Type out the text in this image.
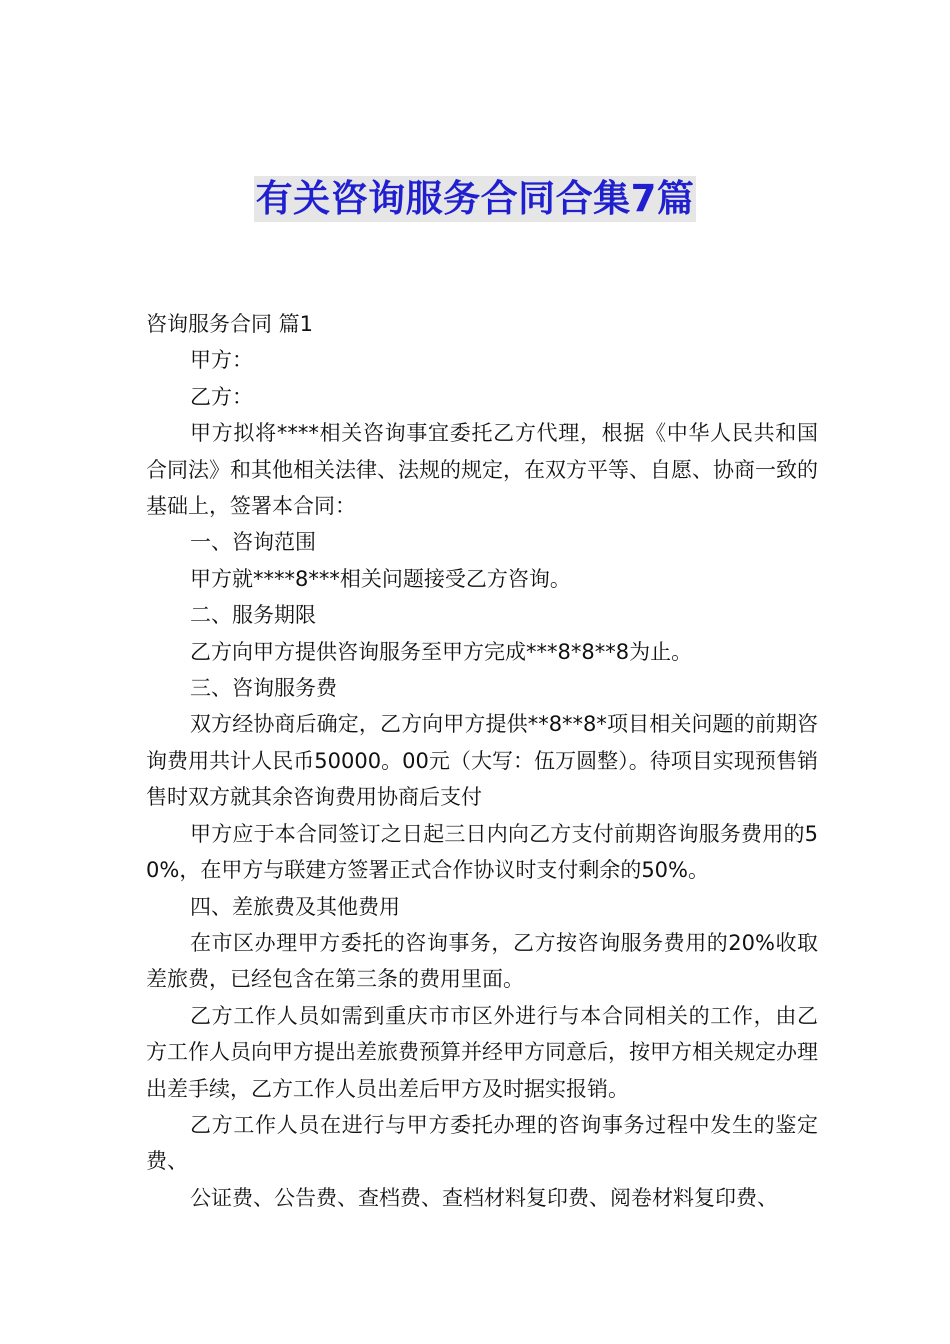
有关咨询服务合同合集7篇

咨询服务合同 篇1

甲方：

乙方：

甲方拟将****相关咨询事宜委托乙方代理，根据《中华人民共和国合同法》和其他相关法律、法规的规定，在双方平等、自愿、协商一致的基础上，签署本合同：

一、咨询范围

甲方就****8***相关问题接受乙方咨询。

二、服务期限

乙方向甲方提供咨询服务至甲方完成***8*8**8为止。

三、咨询服务费

双方经协商后确定，乙方向甲方提供**8**8*项目相关问题的前期咨询费用共计人民币50000。00元（大写：伍万圆整）。待项目实现预售销售时双方就其余咨询费用协商后支付

甲方应于本合同签订之日起三日内向乙方支付前期咨询服务费用的50%，在甲方与联建方签署正式合作协议时支付剩余的50%。

四、差旅费及其他费用

在市区办理甲方委托的咨询事务，乙方按咨询服务费用的20%收取差旅费，已经包含在第三条的费用里面。

乙方工作人员如需到重庆市市区外进行与本合同相关的工作，由乙方工作人员向甲方提出差旅费预算并经甲方同意后，按甲方相关规定办理出差手续，乙方工作人员出差后甲方及时据实报销。

乙方工作人员在进行与甲方委托办理的咨询事务过程中发生的鉴定费、

公证费、公告费、查档费、查档材料复印费、阅卷材料复印费、
